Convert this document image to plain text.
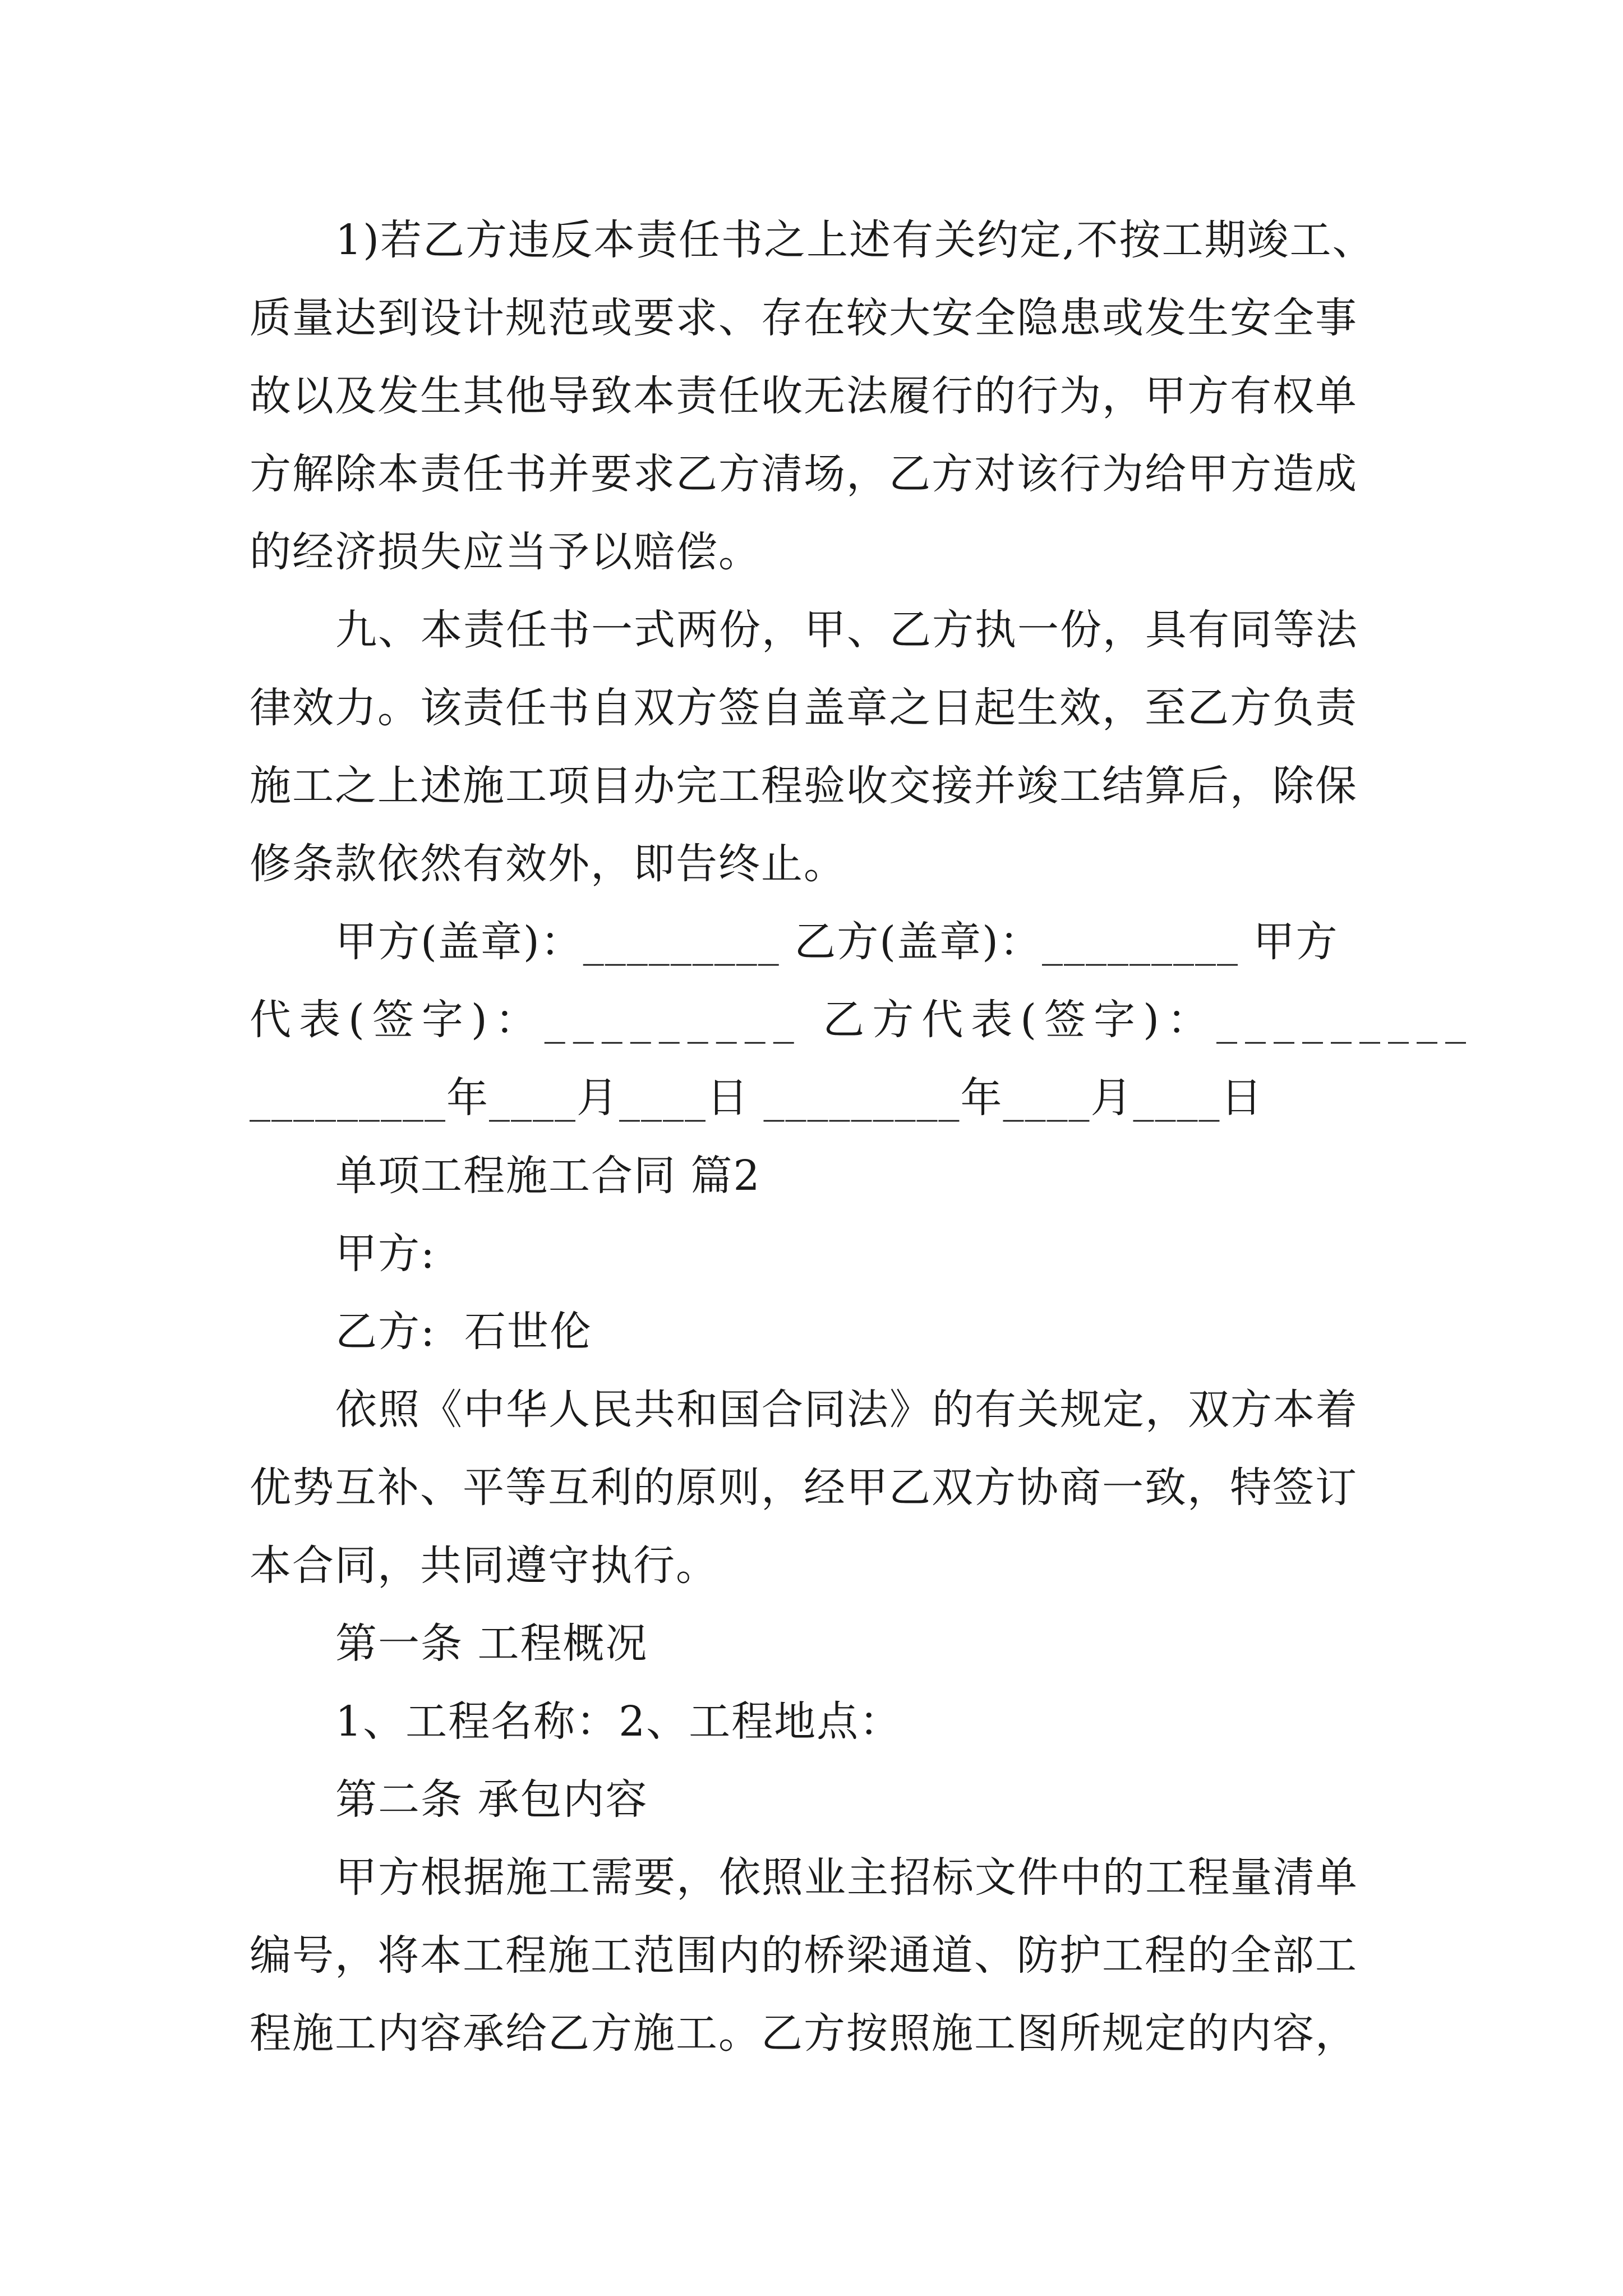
1)若乙方违反本责任书之上述有关约定,不按工期竣工、
质量达到设计规范或要求、存在较大安全隐患或发生安全事
故以及发生其他导致本责任收无法履行的行为，甲方有权单
方解除本责任书并要求乙方清场，乙方对该行为给甲方造成
的经济损失应当予以赔偿。
九、本责任书一式两份，甲、乙方执一份，具有同等法
律效力。该责任书自双方签自盖章之日起生效，至乙方负责
施工之上述施工项目办完工程验收交接并竣工结算后，除保
修条款依然有效外，即告终止。
甲方(盖章)：_________ 乙方(盖章)：_________ 甲方
代表(签字)：_________ 乙方代表(签字)：_________
_________年____月____日 _________年____月____日
单项工程施工合同 篇2
甲方:
乙方:  石世伦
依照《中华人民共和国合同法》的有关规定，双方本着
优势互补、平等互利的原则，经甲乙双方协商一致，特签订
本合同，共同遵守执行。
第一条 工程概况
1、工程名称：2、工程地点：
第二条 承包内容
甲方根据施工需要，依照业主招标文件中的工程量清单
编号，将本工程施工范围内的桥梁通道、防护工程的全部工
程施工内容承给乙方施工。乙方按照施工图所规定的内容，
